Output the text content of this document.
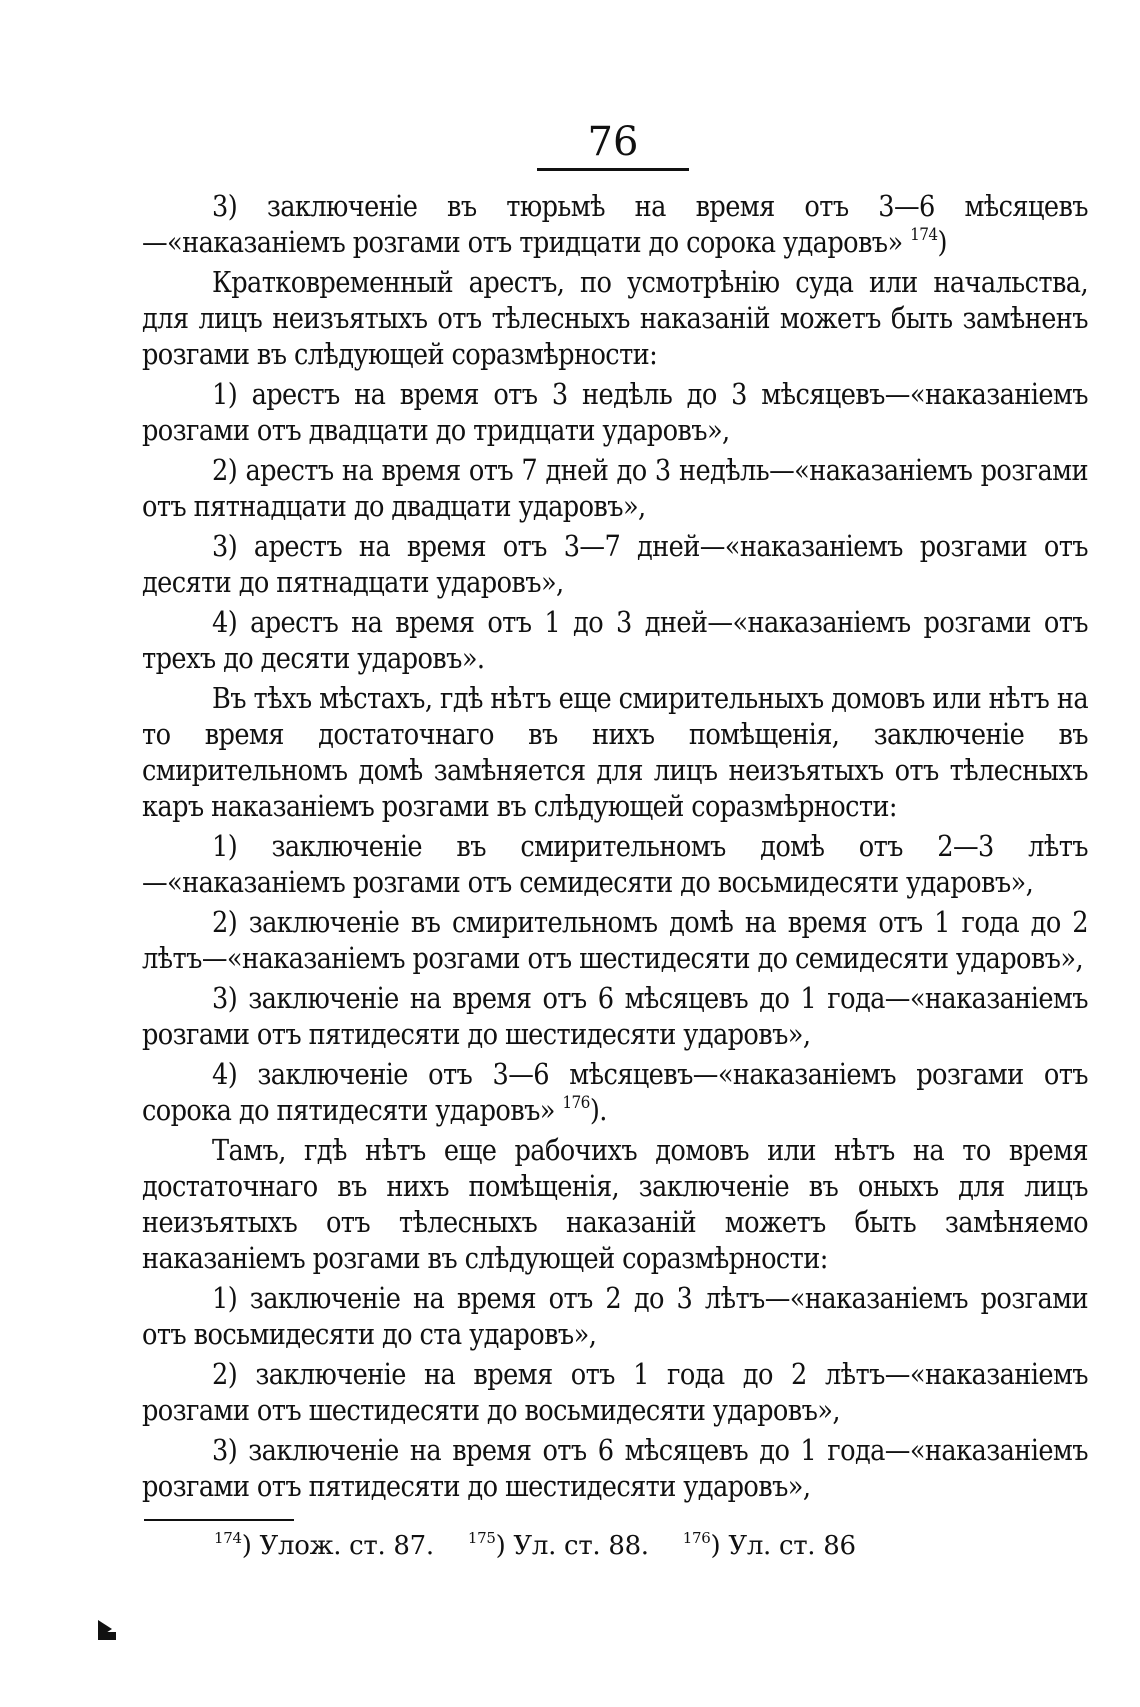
76

3) заключеніе въ тюрьмѣ на время отъ 3—6 мѣсяцевъ—«наказаніемъ розгами отъ тридцати до сорока ударовъ» $^{174}$)

Кратковременный арестъ, по усмотрѣнію суда или начальства, для лицъ неизъятыхъ отъ тѣлесныхъ наказаній можетъ быть замѣненъ розгами въ слѣдующей соразмѣрности:

1) арестъ на время отъ 3 недѣль до 3 мѣсяцевъ—«наказаніемъ розгами отъ двадцати до тридцати ударовъ»,

2) арестъ на время отъ 7 дней до 3 недѣль—«наказаніемъ розгами отъ пятнадцати до двадцати ударовъ»,

3) арестъ на время отъ 3—7 дней—«наказаніемъ розгами отъ десяти до пятнадцати ударовъ»,

4) арестъ на время отъ 1 до 3 дней—«наказаніемъ розгами отъ трехъ до десяти ударовъ».

Въ тѣхъ мѣстахъ, гдѣ нѣтъ еще смирительныхъ домовъ или нѣтъ на то время достаточнаго въ нихъ помѣщенія, заключеніе въ смирительномъ домѣ замѣняется для лицъ неизъятыхъ отъ тѣлесныхъ каръ наказаніемъ розгами въ слѣдующей соразмѣрности:

1) заключеніе въ смирительномъ домѣ отъ 2—3 лѣтъ—«наказаніемъ розгами отъ семидесяти до восьмидесяти ударовъ»,

2) заключеніе въ смирительномъ домѣ на время отъ 1 года до 2 лѣтъ—«наказаніемъ розгами отъ шестидесяти до семидесяти ударовъ»,

3) заключеніе на время отъ 6 мѣсяцевъ до 1 года—«наказаніемъ розгами отъ пятидесяти до шестидесяти ударовъ»,

4) заключеніе отъ 3—6 мѣсяцевъ—«наказаніемъ розгами отъ сорока до пятидесяти ударовъ» $^{176}$).

Тамъ, гдѣ нѣтъ еще рабочихъ домовъ или нѣтъ на то время достаточнаго въ нихъ помѣщенія, заключеніе въ оныхъ для лицъ неизъятыхъ отъ тѣлесныхъ наказаній можетъ быть замѣняемо наказаніемъ розгами въ слѣдующей соразмѣрности:

1) заключеніе на время отъ 2 до 3 лѣтъ—«наказаніемъ розгами отъ восьмидесяти до ста ударовъ»,

2) заключеніе на время отъ 1 года до 2 лѣтъ—«наказаніемъ розгами отъ шестидесяти до восьмидесяти ударовъ»,

3) заключеніе на время отъ 6 мѣсяцевъ до 1 года—«наказаніемъ розгами отъ пятидесяти до шестидесяти ударовъ»,

$^{174}$) Улож. ст. 87. $^{175}$) Ул. ст. 88. $^{176}$) Ул. ст. 86
